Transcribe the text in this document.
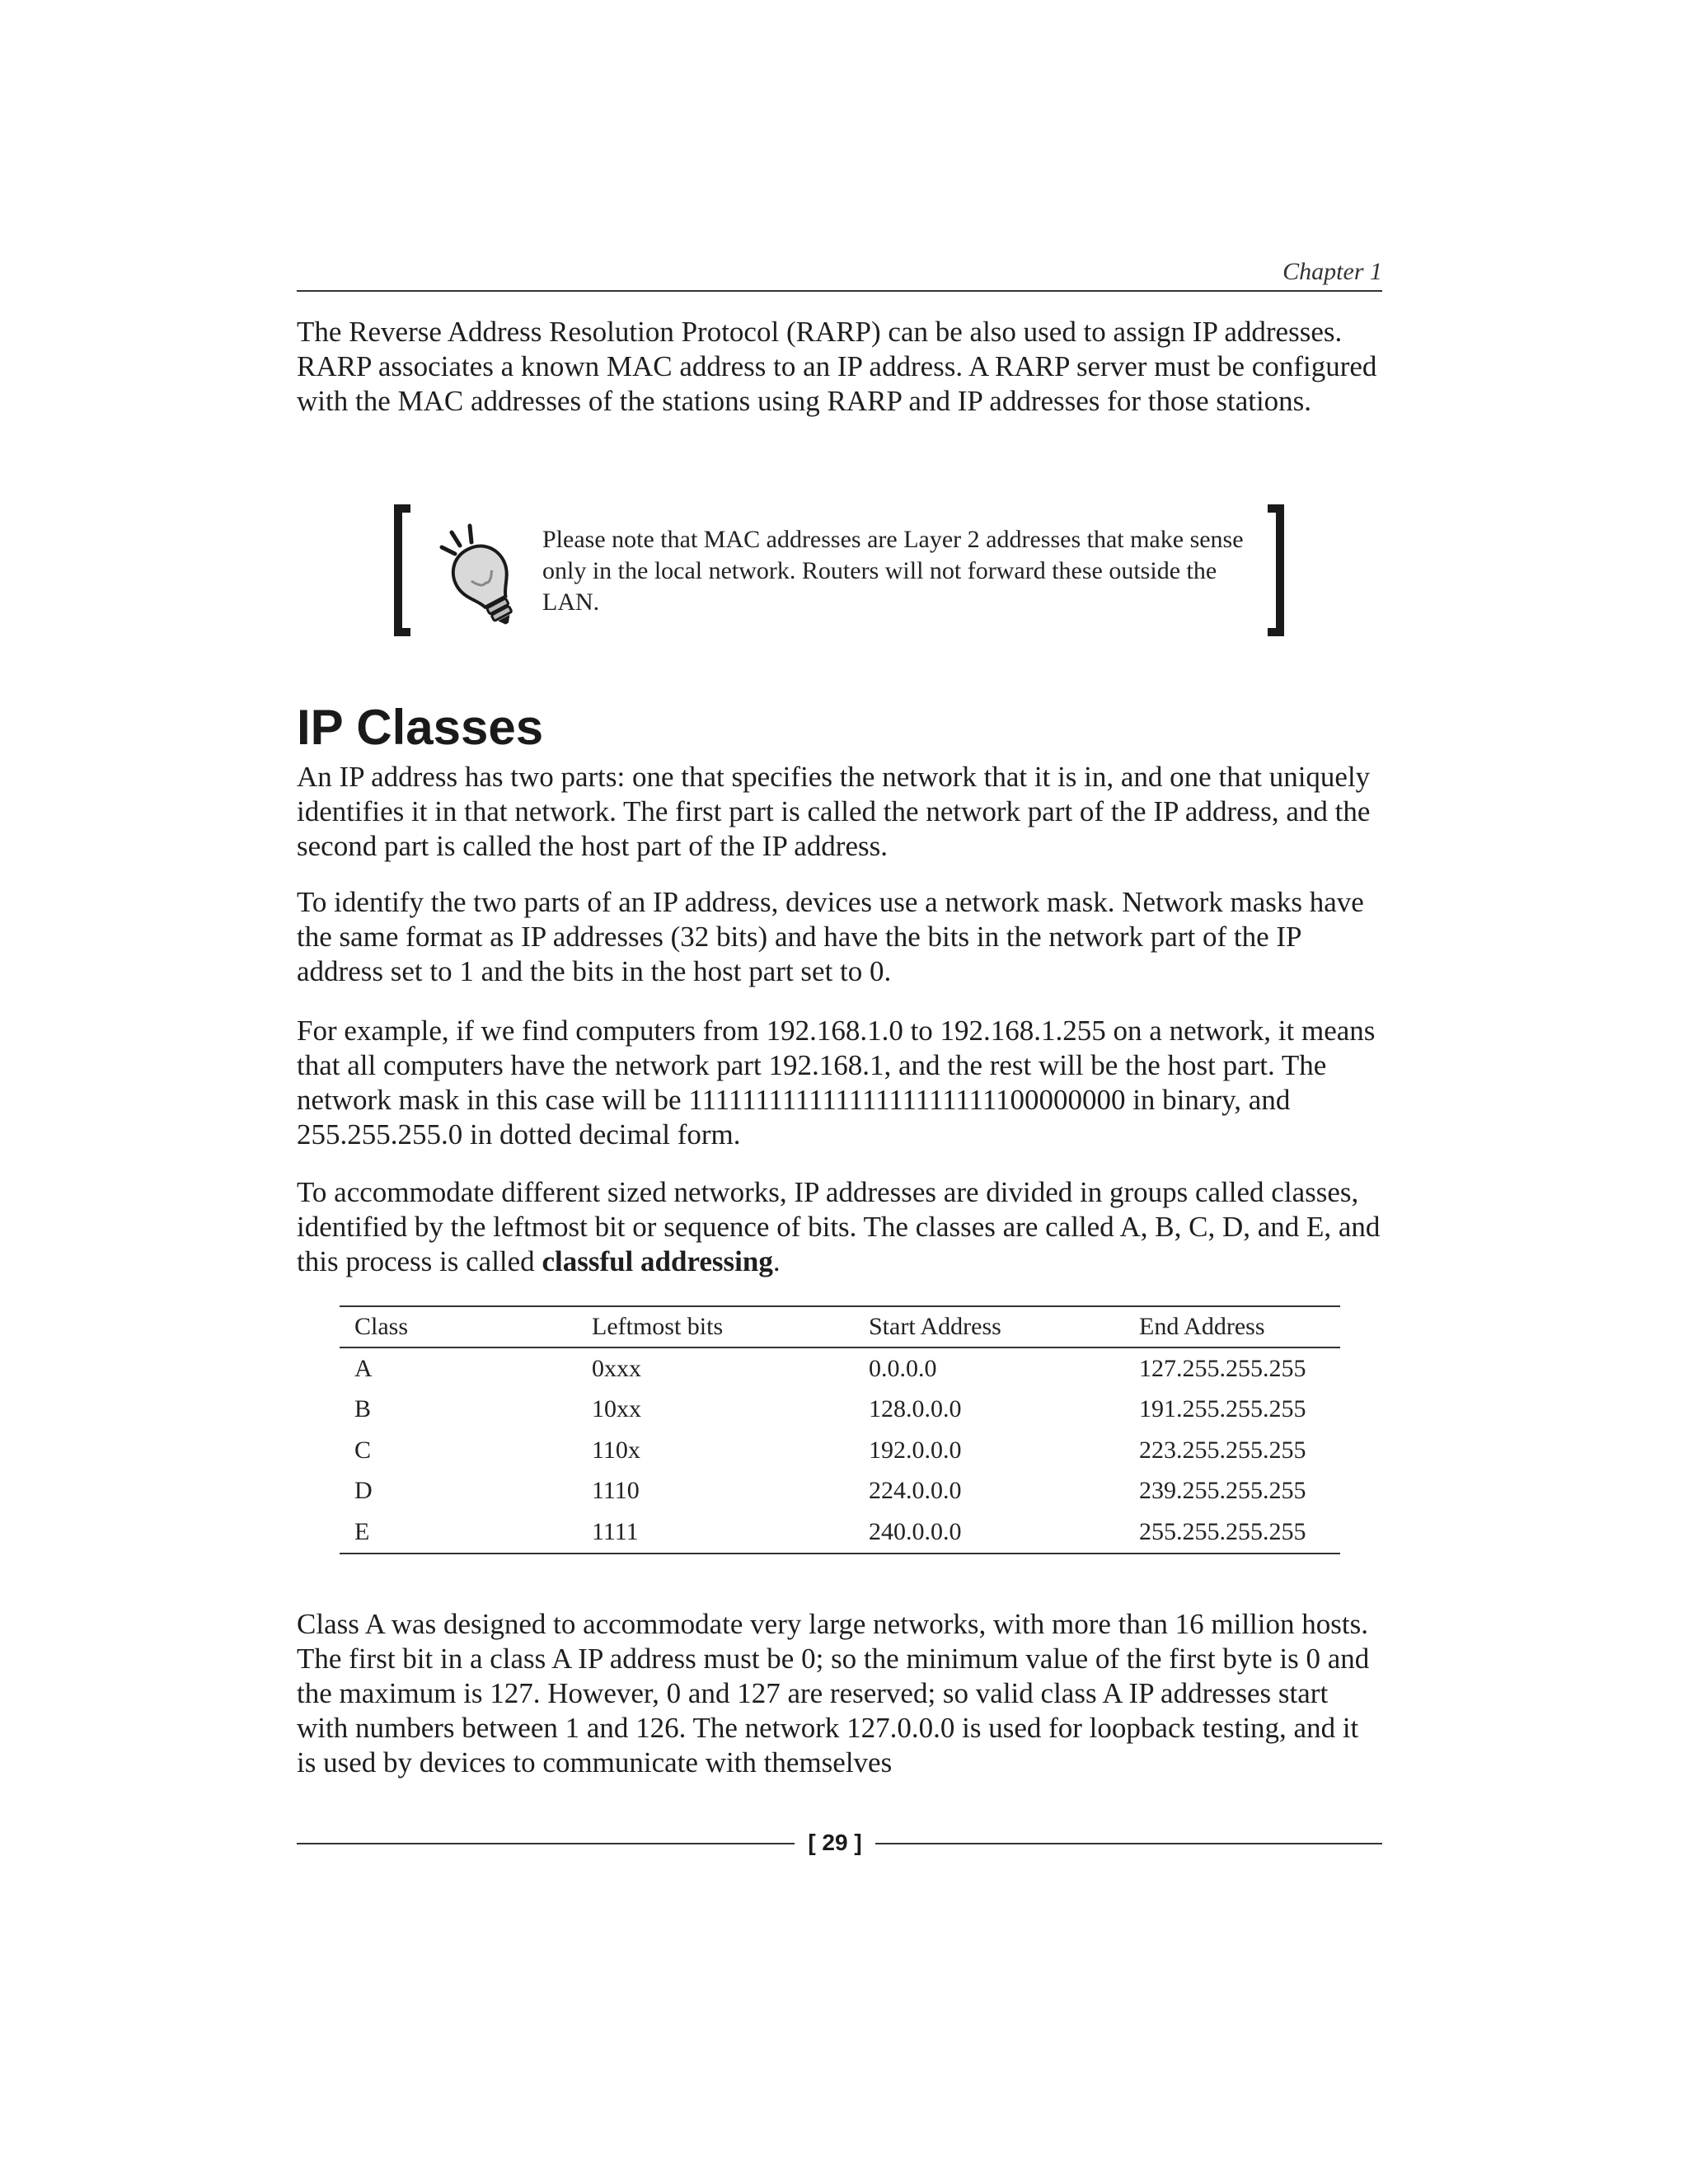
Chapter 1

The Reverse Address Resolution Protocol (RARP) can be also used to assign IP addresses. RARP associates a known MAC address to an IP address. A RARP server must be configured with the MAC addresses of the stations using RARP and IP addresses for those stations.

Please note that MAC addresses are Layer 2 addresses that make sense only in the local network. Routers will not forward these outside the LAN.

IP Classes

An IP address has two parts: one that specifies the network that it is in, and one that uniquely identifies it in that network. The first part is called the network part of the IP address, and the second part is called the host part of the IP address.

To identify the two parts of an IP address, devices use a network mask. Network masks have the same format as IP addresses (32 bits) and have the bits in the network part of the IP address set to 1 and the bits in the host part set to 0.

For example, if we find computers from 192.168.1.0 to 192.168.1.255 on a network, it means that all computers have the network part 192.168.1, and the rest will be the host part. The network mask in this case will be 11111111111111111111111100000000 in binary, and 255.255.255.0 in dotted decimal form.

To accommodate different sized networks, IP addresses are divided in groups called classes, identified by the leftmost bit or sequence of bits. The classes are called A, B, C, D, and E, and this process is called classful addressing.

Class	Leftmost bits	Start Address	End Address
A	0xxx	0.0.0.0	127.255.255.255
B	10xx	128.0.0.0	191.255.255.255
C	110x	192.0.0.0	223.255.255.255
D	1110	224.0.0.0	239.255.255.255
E	1111	240.0.0.0	255.255.255.255

Class A was designed to accommodate very large networks, with more than 16 million hosts. The first bit in a class A IP address must be 0; so the minimum value of the first byte is 0 and the maximum is 127. However, 0 and 127 are reserved; so valid class A IP addresses start with numbers between 1 and 126. The network 127.0.0.0 is used for loopback testing, and it is used by devices to communicate with themselves

[ 29 ]
